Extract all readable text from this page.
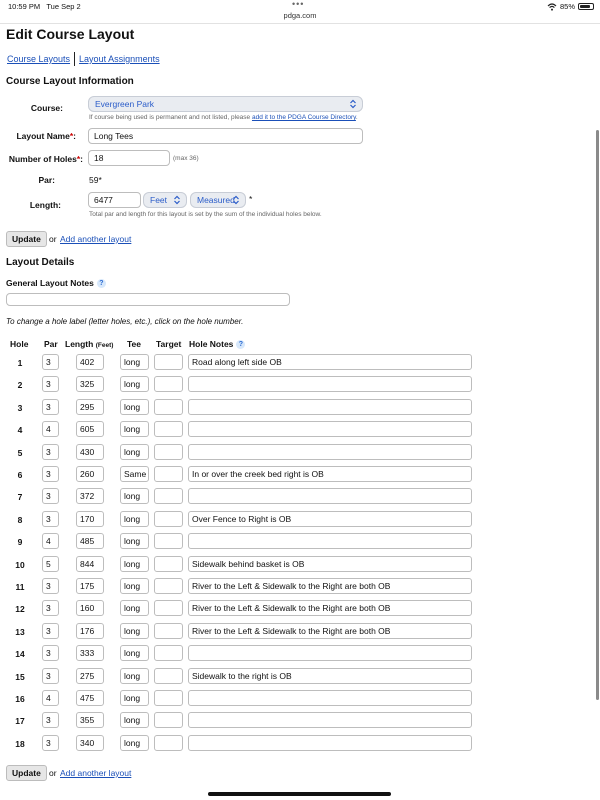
10:59 PM Tue Sep 2	•••	85%
pdga.com
Edit Course Layout
Course Layouts Layout Assignments
Course Layout Information
Course:	Evergreen Park
If course being used is permanent and not listed, please add it to the PDGA Course Directory.
Layout Name*:	Long Tees
Number of Holes*:	18	(max 36)
Par:	59*
Length:	6477	Feet	Measured	*
Total par and length for this layout is set by the sum of the individual holes below.
Update or Add another layout
Layout Details
General Layout Notes ?
To change a hole label (letter holes, etc.), click on the hole number.
Hole Par Length (Feet) Tee Target Hole Notes ?
1	3	402	long	Road along left side OB
2	3	325	long
3	3	295	long
4	4	605	long
5	3	430	long
6	3	260	Sam⁠e	In or over the creek bed right is OB
7	3	372	long
8	3	170	long	Over Fence to Right is OB
9	4	485	long
10	5	844	long	Sidewalk behind basket is OB
11	3	175	long	River to the Left & Sidewalk to the Right are both OB
12	3	160	long	River to the Left & Sidewalk to the Right are both OB
13	3	176	long	River to the Left & Sidewalk to the Right are both OB
14	3	333	long
15	3	275	long	Sidewalk to the right is OB
16	4	475	long
17	3	355	long
18	3	340	long
Update or Add another layout
